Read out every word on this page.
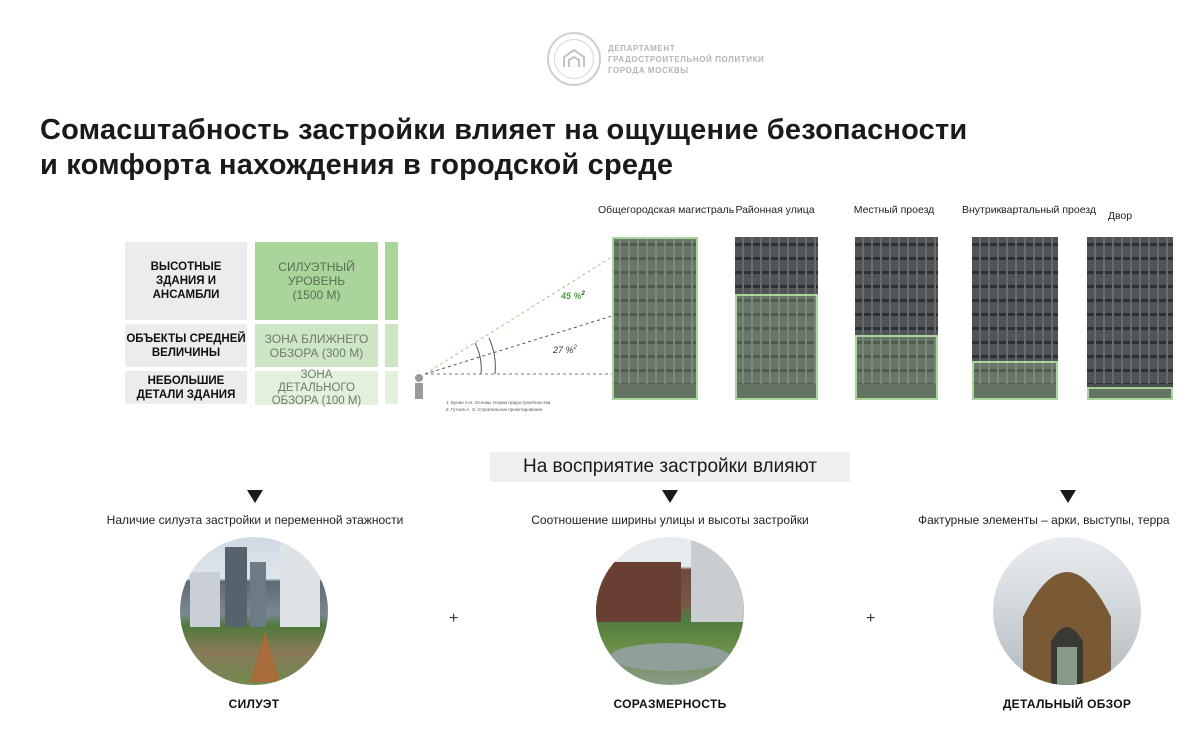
ДЕПАРТАМЕНТ
ГРАДОСТРОИТЕЛЬНОЙ ПОЛИТИКИ
ГОРОДА МОСКВЫ
Сомасштабность застройки влияет на ощущение безопасности
и комфорта нахождения в городской среде
ВЫСОТНЫЕ ЗДАНИЯ И АНСАМБЛИ
СИЛУЭТНЫЙ УРОВЕНЬ (1500 М)
ОБЪЕКТЫ СРЕДНЕЙ ВЕЛИЧИНЫ
ЗОНА БЛИЖНЕГО ОБЗОРА (300 М)
НЕБОЛЬШИЕ ДЕТАЛИ ЗДАНИЯ
ЗОНА ДЕТАЛЬНОГО ОБЗОРА (100 М)
45 %$^2$
27 %$^2$
1. Бунин А.Н. Основы теории градостроительства
2. Гутнов А. Э. Строительное проектирование
Общегородская магистраль Районная улица	Местный проезд	Внутриквартальный проезд	Двор
На восприятие застройки влияют
Наличие силуэта застройки и переменной этажности	Соотношение ширины улицы и высоты застройки	Фактурные элементы – арки, выступы, терра
+	+
СИЛУЭТ	СОРАЗМЕРНОСТЬ	ДЕТАЛЬНЫЙ ОБЗОР
